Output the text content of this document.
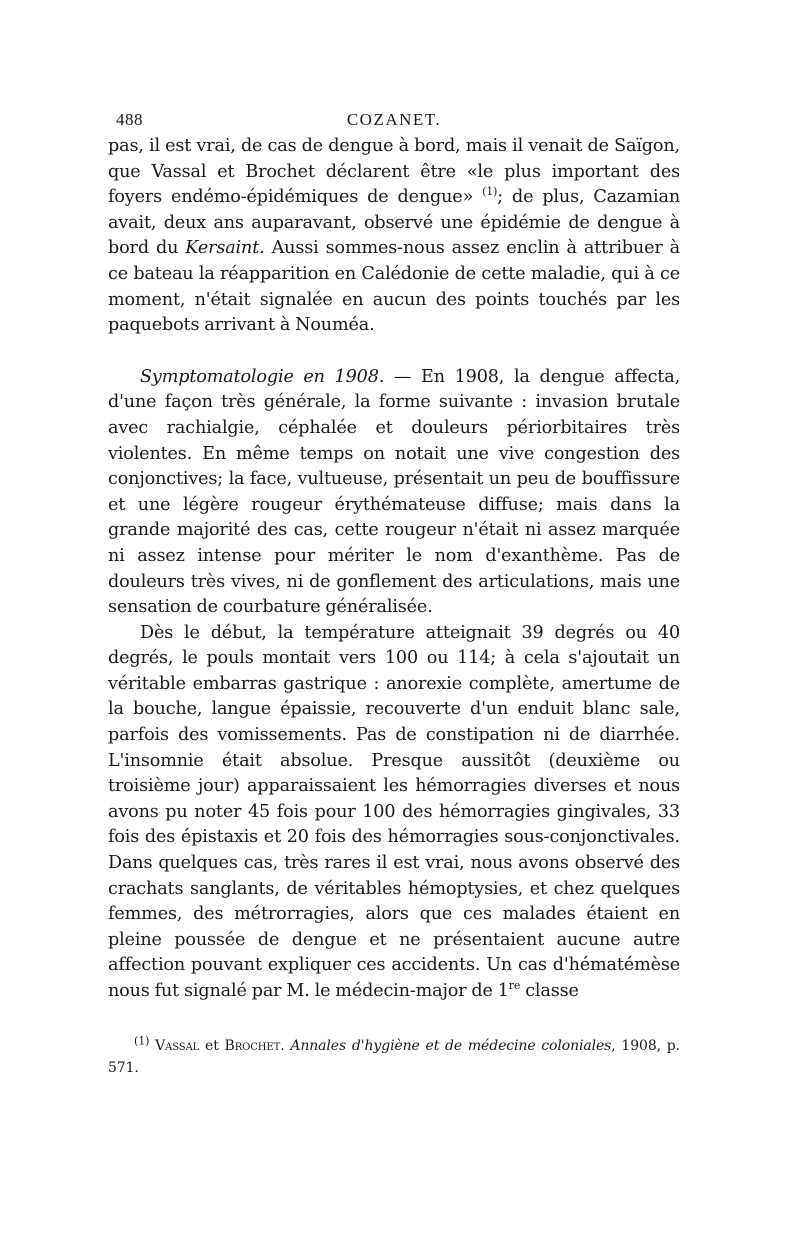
488	COZANET.

pas, il est vrai, de cas de dengue à bord, mais il venait de Saïgon, que Vassal et Brochet déclarent être «le plus important des foyers endémo-épidémiques de dengue» $^{(1)}$; de plus, Cazamian avait, deux ans auparavant, observé une épidémie de dengue à bord du Kersaint. Aussi sommes-nous assez enclin à attribuer à ce bateau la réapparition en Calédonie de cette maladie, qui à ce moment, n'était signalée en aucun des points touchés par les paquebots arrivant à Nouméa.

Symptomatologie en 1908. — En 1908, la dengue affecta, d'une façon très générale, la forme suivante : invasion brutale avec rachialgie, céphalée et douleurs périorbitaires très violentes. En même temps on notait une vive congestion des conjonctives; la face, vultueuse, présentait un peu de bouffissure et une légère rougeur érythémateuse diffuse; mais dans la grande majorité des cas, cette rougeur n'était ni assez marquée ni assez intense pour mériter le nom d'exanthème. Pas de douleurs très vives, ni de gonflement des articulations, mais une sensation de courbature généralisée.

Dès le début, la température atteignait 39 degrés ou 40 degrés, le pouls montait vers 100 ou 114; à cela s'ajoutait un véritable embarras gastrique : anorexie complète, amertume de la bouche, langue épaissie, recouverte d'un enduit blanc sale, parfois des vomissements. Pas de constipation ni de diarrhée. L'insomnie était absolue. Presque aussitôt (deuxième ou troisième jour) apparaissaient les hémorragies diverses et nous avons pu noter 45 fois pour 100 des hémorragies gingivales, 33 fois des épistaxis et 20 fois des hémorragies sous-conjonctivales. Dans quelques cas, très rares il est vrai, nous avons observé des crachats sanglants, de véritables hémoptysies, et chez quelques femmes, des métrorragies, alors que ces malades étaient en pleine poussée de dengue et ne présentaient aucune autre affection pouvant expliquer ces accidents. Un cas d'hématémèse nous fut signalé par M. le médecin-major de 1re classe

$^{(1)}$ Vassal et Brochet. Annales d'hygiène et de médecine coloniales, 1908, p. 571.
